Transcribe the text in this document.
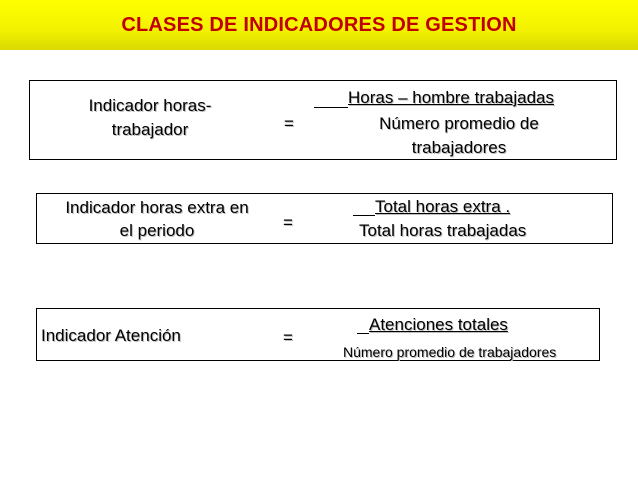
CLASES DE INDICADORES DE GESTION
Indicador horas-
trabajador	=
Horas – hombre trabajadas
Número promedio de
trabajadores
Indicador horas extra en
el periodo	=
Total horas extra .
Total horas trabajadas
Indicador Atención	=
Atenciones totales
Número promedio de trabajadores
